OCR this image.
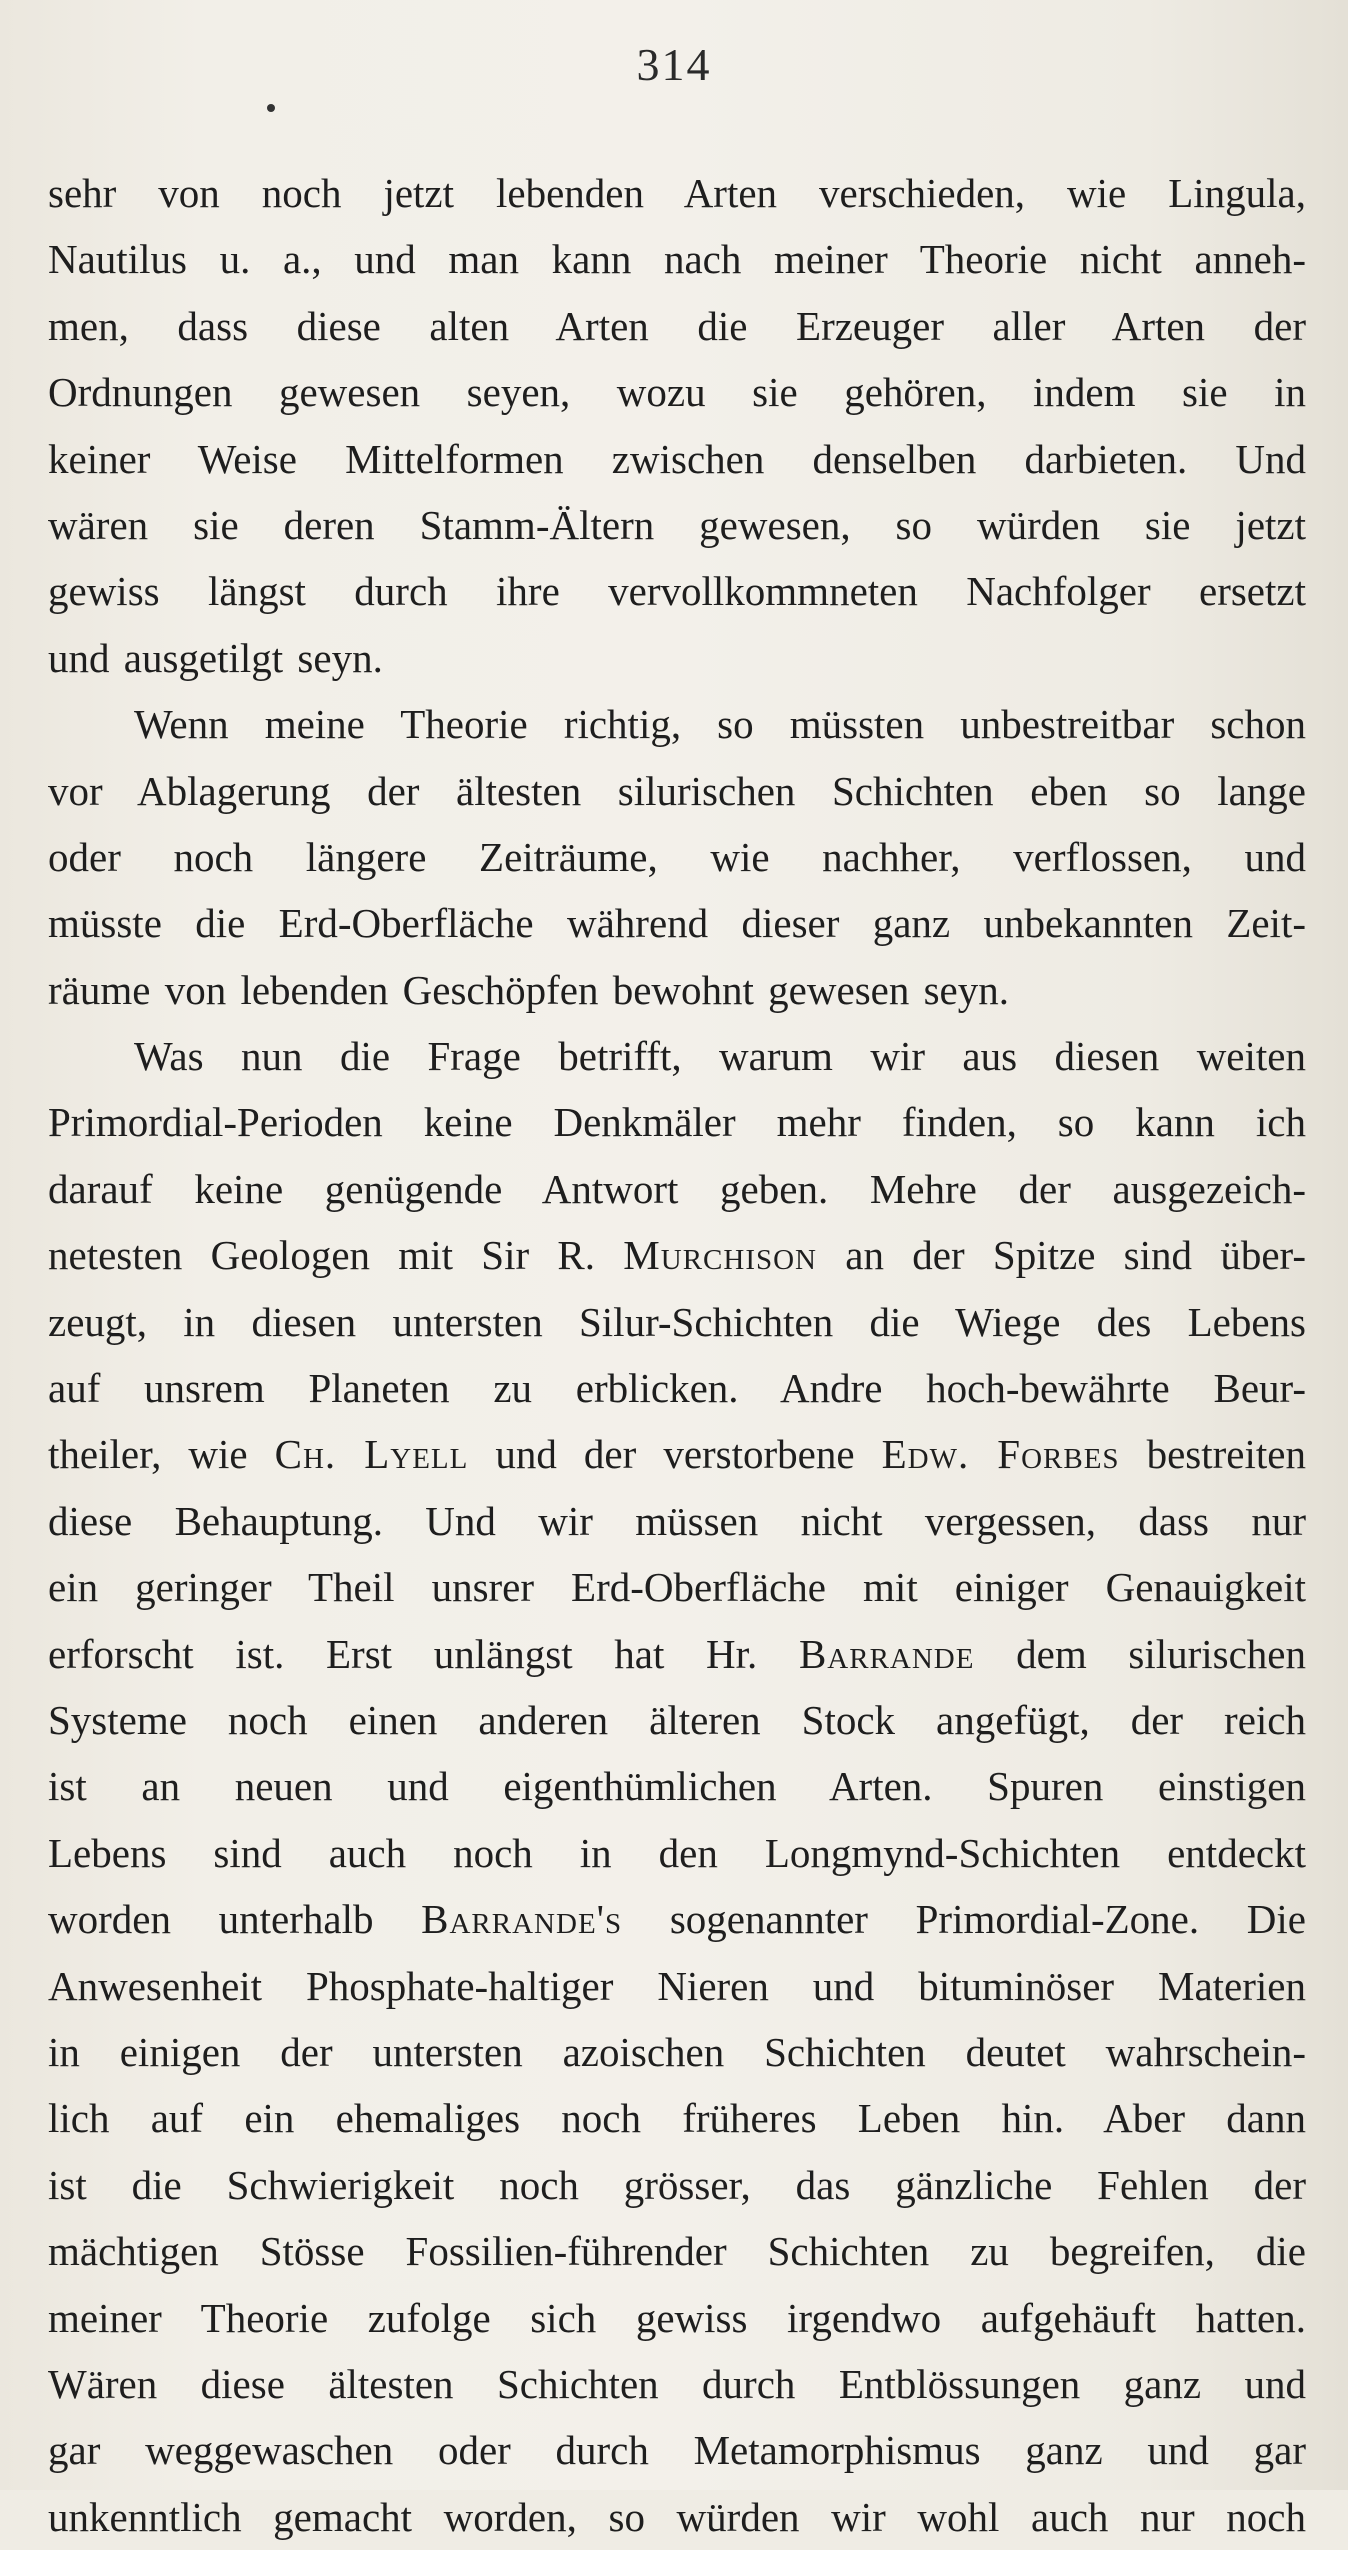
314
sehr von noch jetzt lebenden Arten verschieden, wie Lingula,
Nautilus u. a., und man kann nach meiner Theorie nicht anneh-
men, dass diese alten Arten die Erzeuger aller Arten der
Ordnungen gewesen seyen, wozu sie gehören, indem sie in
keiner Weise Mittelformen zwischen denselben darbieten. Und
wären sie deren Stamm-Ältern gewesen, so würden sie jetzt
gewiss längst durch ihre vervollkommneten Nachfolger ersetzt
und ausgetilgt seyn.
Wenn meine Theorie richtig, so müssten unbestreitbar schon
vor Ablagerung der ältesten silurischen Schichten eben so lange
oder noch längere Zeiträume, wie nachher, verflossen, und
müsste die Erd-Oberfläche während dieser ganz unbekannten Zeit-
räume von lebenden Geschöpfen bewohnt gewesen seyn.
Was nun die Frage betrifft, warum wir aus diesen weiten
Primordial-Perioden keine Denkmäler mehr finden, so kann ich
darauf keine genügende Antwort geben. Mehre der ausgezeich-
netesten Geologen mit Sir R. Murchison an der Spitze sind über-
zeugt, in diesen untersten Silur-Schichten die Wiege des Lebens
auf unsrem Planeten zu erblicken. Andre hoch-bewährte Beur-
theiler, wie Ch. Lyell und der verstorbene Edw. Forbes bestreiten
diese Behauptung. Und wir müssen nicht vergessen, dass nur
ein geringer Theil unsrer Erd-Oberfläche mit einiger Genauigkeit
erforscht ist. Erst unlängst hat Hr. Barrande dem silurischen
Systeme noch einen anderen älteren Stock angefügt, der reich
ist an neuen und eigenthümlichen Arten. Spuren einstigen
Lebens sind auch noch in den Longmynd-Schichten entdeckt
worden unterhalb Barrande's sogenannter Primordial-Zone. Die
Anwesenheit Phosphate-haltiger Nieren und bituminöser Materien
in einigen der untersten azoischen Schichten deutet wahrschein-
lich auf ein ehemaliges noch früheres Leben hin. Aber dann
ist die Schwierigkeit noch grösser, das gänzliche Fehlen der
mächtigen Stösse Fossilien-führender Schichten zu begreifen, die
meiner Theorie zufolge sich gewiss irgendwo aufgehäuft hatten.
Wären diese ältesten Schichten durch Entblössungen ganz und
gar weggewaschen oder durch Metamorphismus ganz und gar
unkenntlich gemacht worden, so würden wir wohl auch nur noch
